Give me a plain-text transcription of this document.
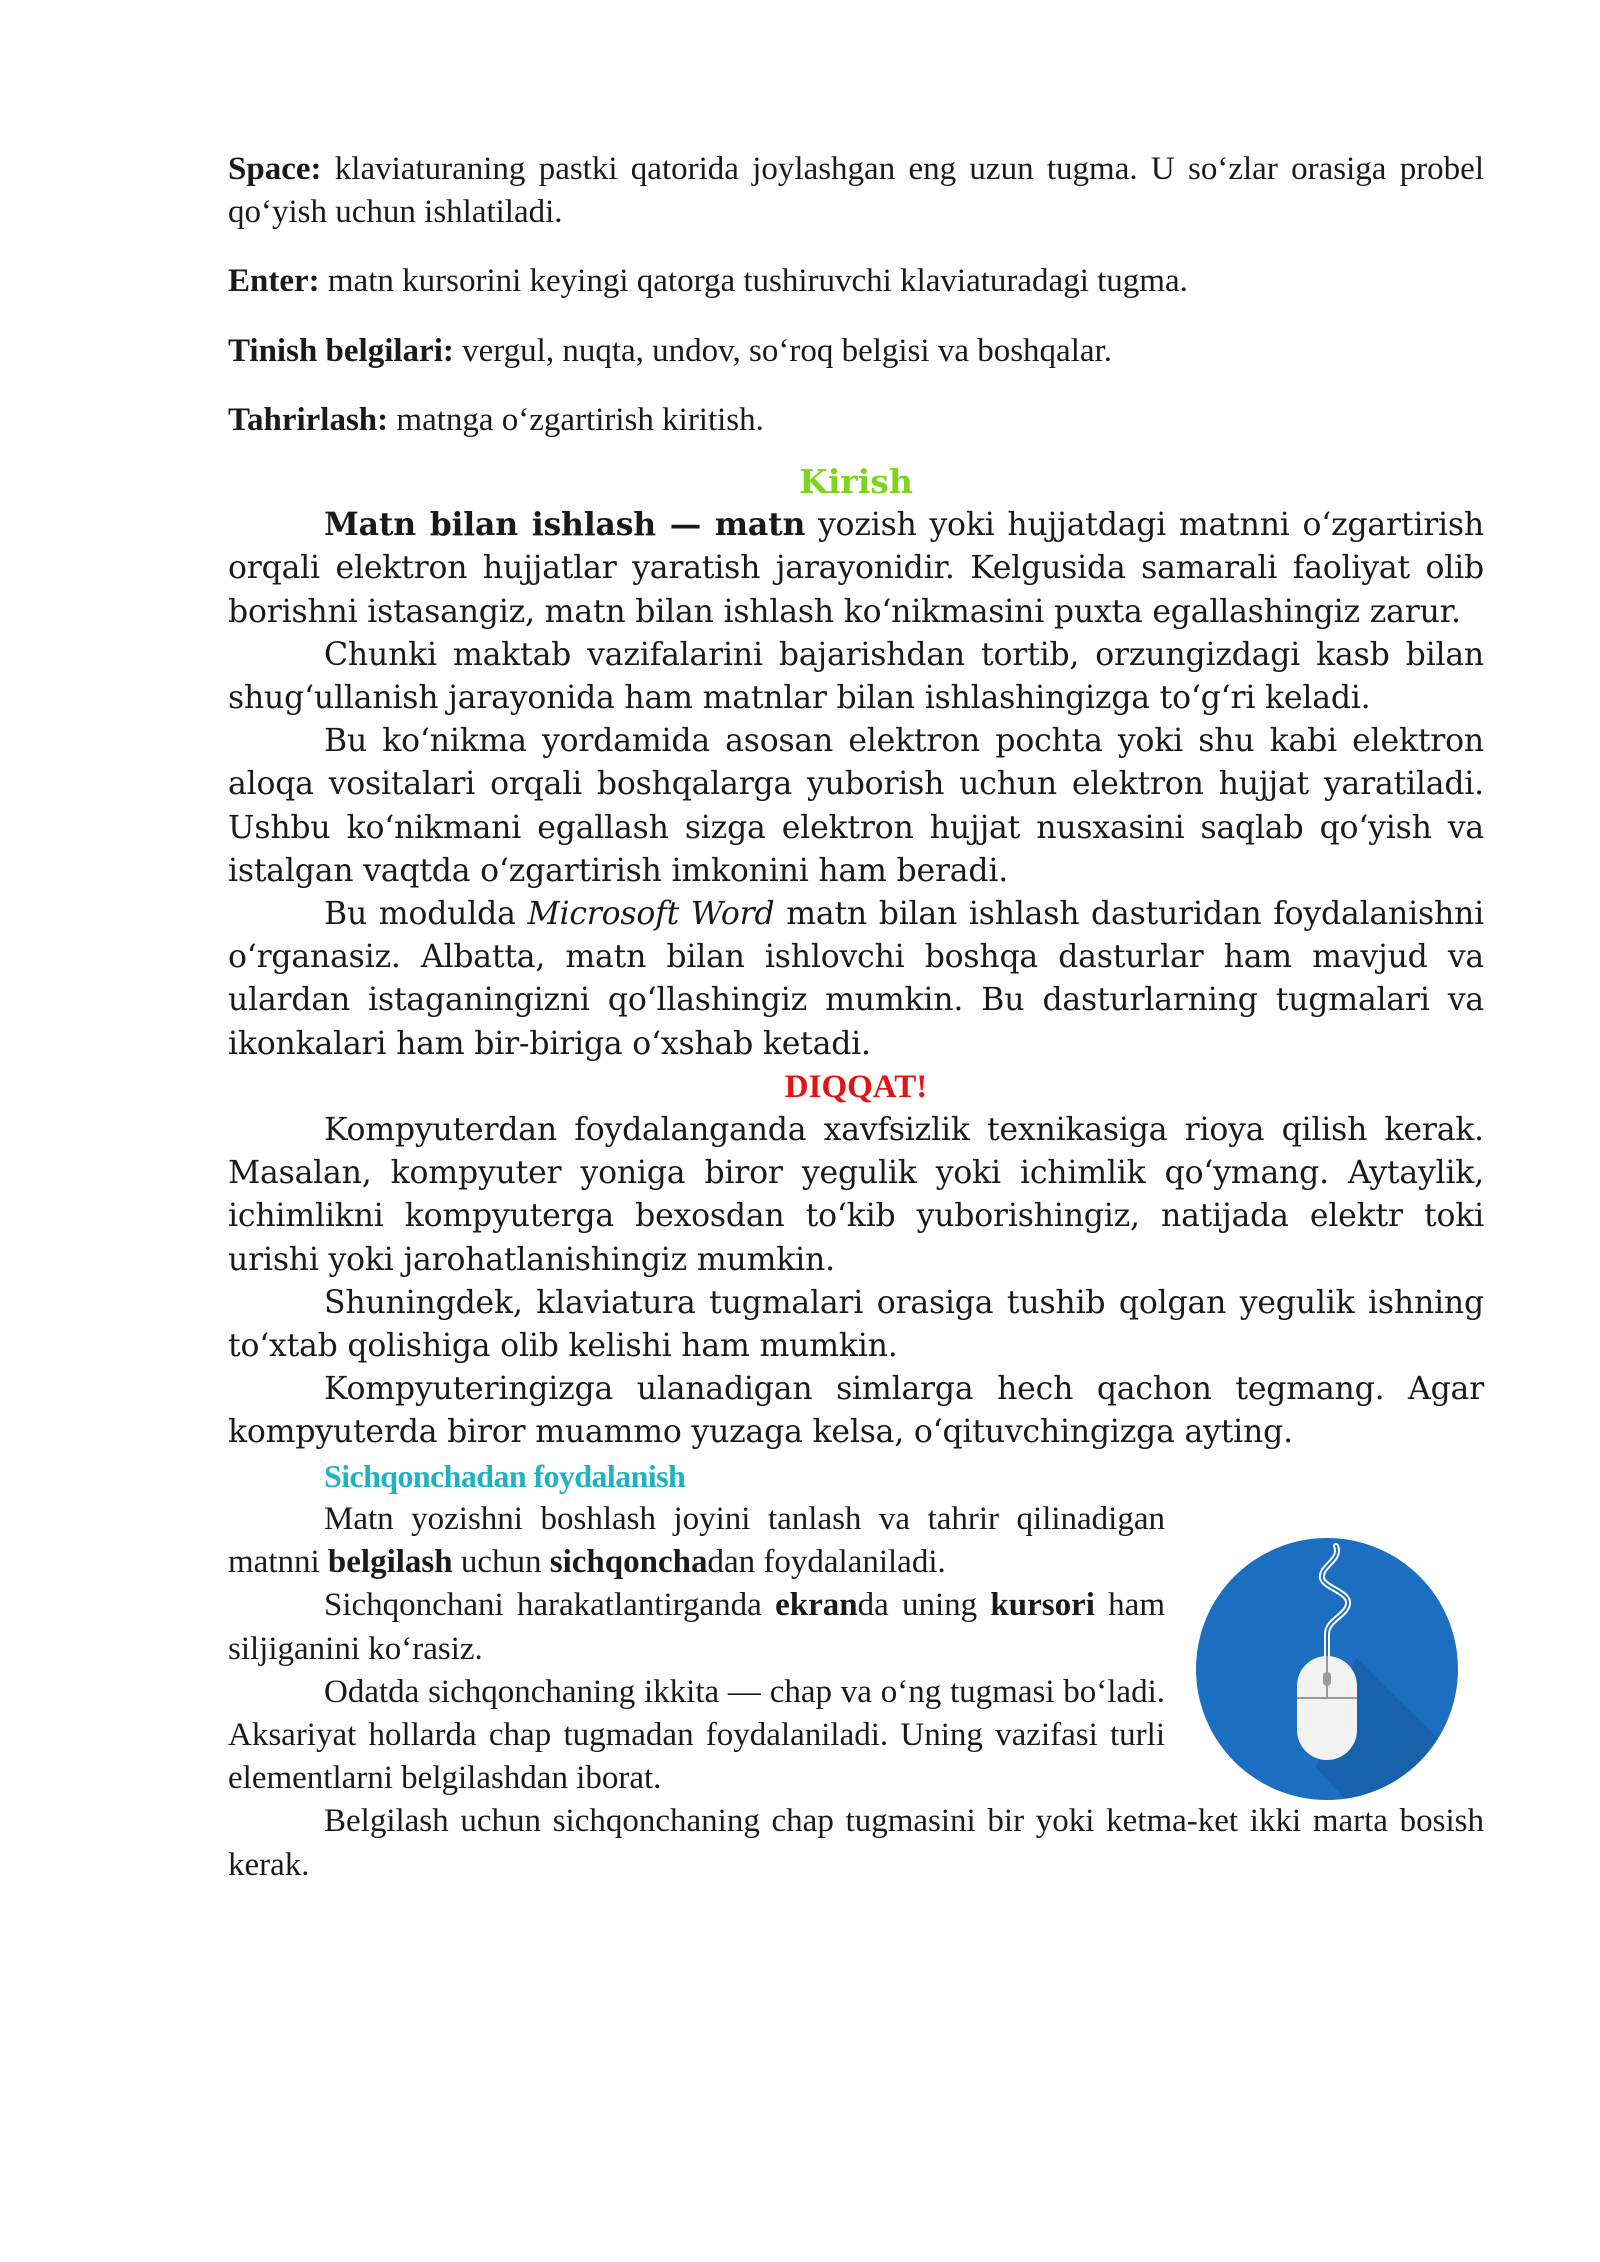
Space: klaviaturaning pastki qatorida joylashgan eng uzun tugma. U so‘zlar orasiga probel qo‘yish uchun ishlatiladi.

Enter: matn kursorini keyingi qatorga tushiruvchi klaviaturadagi tugma.

Tinish belgilari: vergul, nuqta, undov, so‘roq belgisi va boshqalar.

Tahrirlash: matnga o‘zgartirish kiritish.

Kirish

Matn bilan ishlash — matn yozish yoki hujjatdagi matnni o‘zgartirish orqali elektron hujjatlar yaratish jarayonidir. Kelgusida samarali faoliyat olib borishni istasangiz, matn bilan ishlash ko‘nikmasini puxta egallashingiz zarur.

Chunki maktab vazifalarini bajarishdan tortib, orzungizdagi kasb bilan shug‘ullanish jarayonida ham matnlar bilan ishlashingizga to‘g‘ri keladi.

Bu ko‘nikma yordamida asosan elektron pochta yoki shu kabi elektron aloqa vositalari orqali boshqalarga yuborish uchun elektron hujjat yaratiladi. Ushbu ko‘nikmani egallash sizga elektron hujjat nusxasini saqlab qo‘yish va istalgan vaqtda o‘zgartirish imkonini ham beradi.

Bu modulda Microsoft Word matn bilan ishlash dasturidan foydalanishni o‘rganasiz. Albatta, matn bilan ishlovchi boshqa dasturlar ham mavjud va ulardan istaganingizni qo‘llashingiz mumkin. Bu dasturlarning tugmalari va ikonkalari ham bir-biriga o‘xshab ketadi.

DIQQAT!

Kompyuterdan foydalanganda xavfsizlik texnikasiga rioya qilish kerak. Masalan, kompyuter yoniga biror yegulik yoki ichimlik qo‘ymang. Aytaylik, ichimlikni kompyuterga bexosdan to‘kib yuborishingiz, natijada elektr toki urishi yoki jarohatlanishingiz mumkin.

Shuningdek, klaviatura tugmalari orasiga tushib qolgan yegulik ishning to‘xtab qolishiga olib kelishi ham mumkin.

Kompyuteringizga ulanadigan simlarga hech qachon tegmang. Agar kompyuterda biror muammo yuzaga kelsa, o‘qituvchingizga ayting.

Sichqonchadan foydalanish

Matn yozishni boshlash joyini tanlash va tahrir qilinadigan matnni belgilash uchun sichqonchadan foydalaniladi.

Sichqonchani harakatlantirganda ekranda uning kursori ham siljiganini ko‘rasiz.

Odatda sichqonchaning ikkita — chap va o‘ng tugmasi bo‘ladi. Aksariyat hollarda chap tugmadan foydalaniladi. Uning vazifasi turli elementlarni belgilashdan iborat.

Belgilash uchun sichqonchaning chap tugmasini bir yoki ketma-ket ikki marta bosish kerak.
